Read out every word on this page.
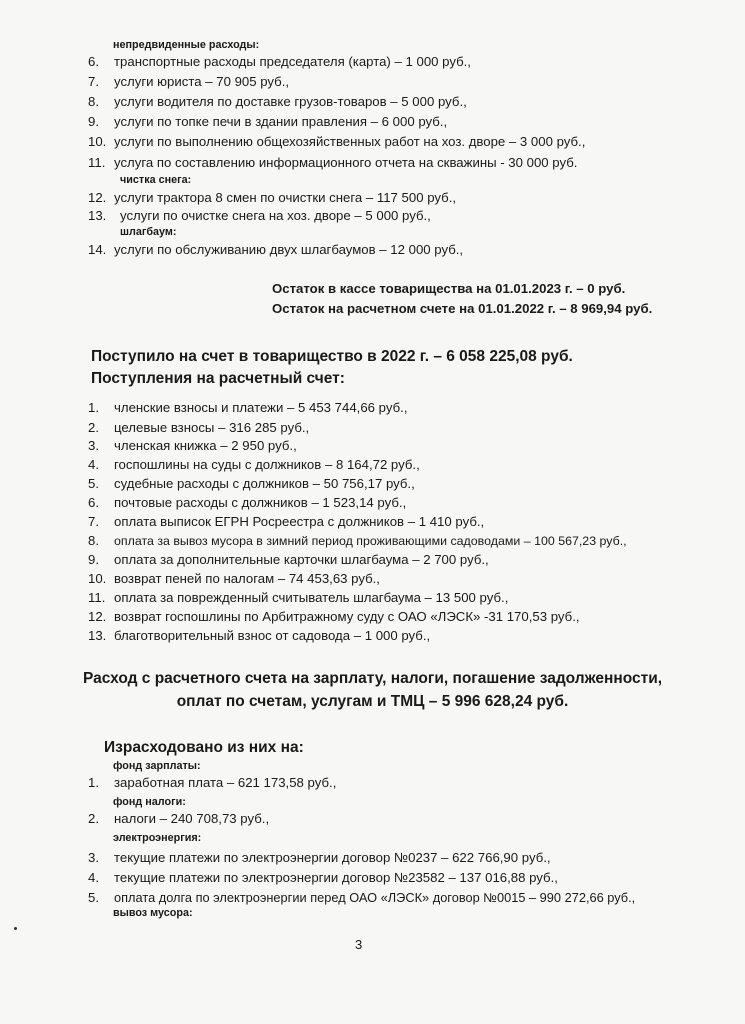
непредвиденные расходы:
6. транспортные расходы председателя (карта) – 1 000 руб.,
7. услуги юриста – 70 905 руб.,
8. услуги водителя по доставке грузов-товаров – 5 000 руб.,
9. услуги по топке печи в здании правления – 6 000 руб.,
10. услуги по выполнению общехозяйственных работ на хоз. дворе – 3 000 руб.,
11. услуга по составлению информационного отчета на скважины - 30 000 руб.
чистка снега:
12. услуги трактора 8 смен по очистки снега – 117 500 руб.,
13. услуги по очистке снега на хоз. дворе – 5 000 руб.,
шлагбаум:
14. услуги по обслуживанию двух шлагбаумов – 12 000 руб.,
Остаток в кассе товарищества на 01.01.2023 г. – 0 руб.
Остаток на расчетном счете на 01.01.2022 г. – 8 969,94 руб.
Поступило на счет в товарищество в 2022 г. – 6 058 225,08 руб.
Поступления на расчетный счет:
1. членские взносы и платежи – 5 453 744,66 руб.,
2. целевые взносы – 316 285 руб.,
3. членская книжка – 2 950 руб.,
4. госпошлины на суды с должников – 8 164,72 руб.,
5. судебные расходы с должников – 50 756,17 руб.,
6. почтовые расходы с должников – 1 523,14 руб.,
7. оплата выписок ЕГРН Росреестра с должников – 1 410 руб.,
8. оплата за вывоз мусора в зимний период проживающими садоводами – 100 567,23 руб.,
9. оплата за дополнительные карточки шлагбаума – 2 700 руб.,
10. возврат пеней по налогам – 74 453,63 руб.,
11. оплата за поврежденный считыватель шлагбаума – 13 500 руб.,
12. возврат госпошлины по Арбитражному суду с ОАО «ЛЭСК» -31 170,53 руб.,
13. благотворительный взнос от садовода – 1 000 руб.,
Расход с расчетного счета на зарплату, налоги, погашение задолженности,
оплат по счетам, услугам и ТМЦ – 5 996 628,24 руб.
Израсходовано из них на:
фонд зарплаты:
1. заработная плата – 621 173,58 руб.,
фонд налоги:
2. налоги – 240 708,73 руб.,
электроэнергия:
3. текущие платежи по электроэнергии договор №0237 – 622 766,90 руб.,
4. текущие платежи по электроэнергии договор №23582 – 137 016,88 руб.,
5. оплата долга по электроэнергии перед ОАО «ЛЭСК» договор №0015 – 990 272,66 руб.,
вывоз мусора:
3
